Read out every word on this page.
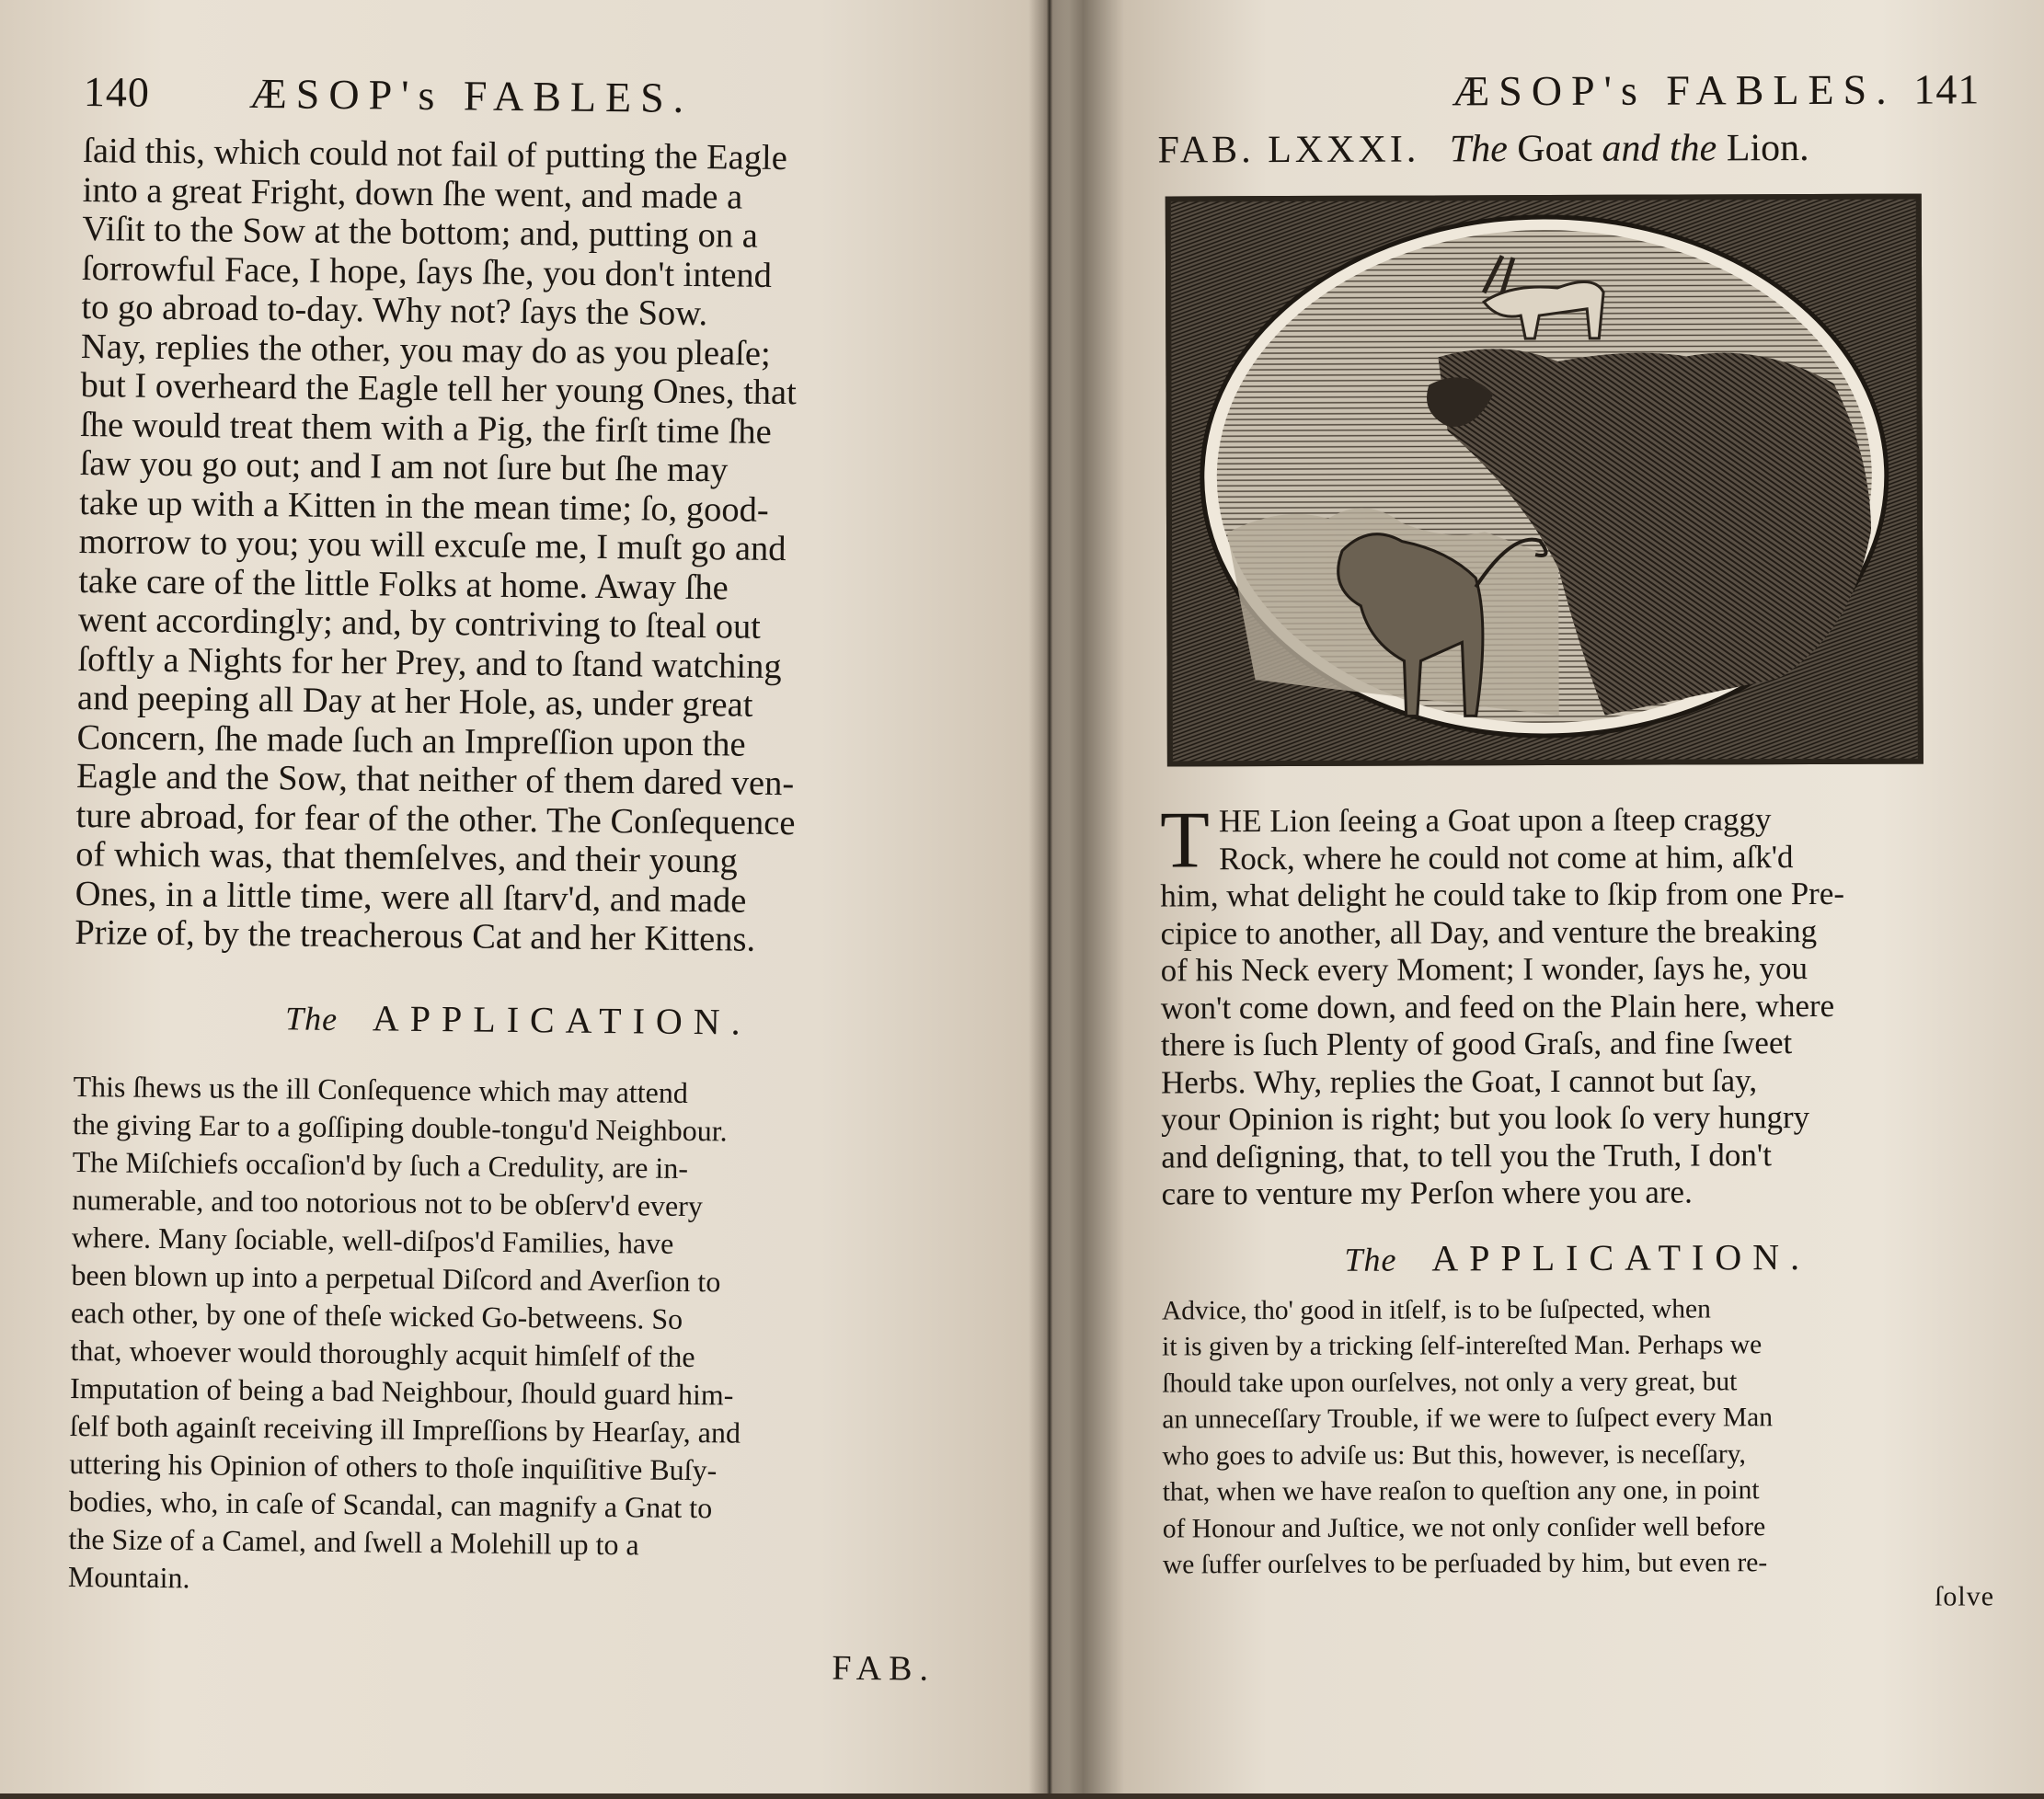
140 ÆSOP's FABLES.

ſaid this, which could not fail of putting the Eagle
into a great Fright, down ſhe went, and made a
Viſit to the Sow at the bottom; and, putting on a
ſorrowful Face, I hope, ſays ſhe, you don't intend
to go abroad to-day. Why not? ſays the Sow.
Nay, replies the other, you may do as you pleaſe;
but I overheard the Eagle tell her young Ones, that
ſhe would treat them with a Pig, the firſt time ſhe
ſaw you go out; and I am not ſure but ſhe may
take up with a Kitten in the mean time; ſo, good-
morrow to you; you will excuſe me, I muſt go and
take care of the little Folks at home. Away ſhe
went accordingly; and, by contriving to ſteal out
ſoftly a Nights for her Prey, and to ſtand watching
and peeping all Day at her Hole, as, under great
Concern, ſhe made ſuch an Impreſſion upon the
Eagle and the Sow, that neither of them dared ven-
ture abroad, for fear of the other. The Conſequence
of which was, that themſelves, and their young
Ones, in a little time, were all ſtarv'd, and made
Prize of, by the treacherous Cat and her Kittens.

The APPLICATION.

This ſhews us the ill Conſequence which may attend
the giving Ear to a goſſiping double-tongu'd Neighbour.
The Miſchiefs occaſion'd by ſuch a Credulity, are in-
numerable, and too notorious not to be obſerv'd every
where. Many ſociable, well-diſpos'd Families, have
been blown up into a perpetual Diſcord and Averſion to
each other, by one of theſe wicked Go-betweens. So
that, whoever would thoroughly acquit himſelf of the
Imputation of being a bad Neighbour, ſhould guard him-
ſelf both againſt receiving ill Impreſſions by Hearſay, and
uttering his Opinion of others to thoſe inquiſitive Buſy-
bodies, who, in caſe of Scandal, can magnify a Gnat to
the Size of a Camel, and ſwell a Molehill up to a
Mountain.

FAB.
ÆSOP's FABLES. 141
FAB. LXXXI. The Goat and the Lion.
T HE Lion ſeeing a Goat upon a ſteep craggy
Rock, where he could not come at him, aſk'd
him, what delight he could take to ſkip from one Pre-
cipice to another, all Day, and venture the breaking
of his Neck every Moment; I wonder, ſays he, you
won't come down, and feed on the Plain here, where
there is ſuch Plenty of good Graſs, and fine ſweet
Herbs. Why, replies the Goat, I cannot but ſay,
your Opinion is right; but you look ſo very hungry
and deſigning, that, to tell you the Truth, I don't
care to venture my Perſon where you are.

The APPLICATION.

Advice, tho' good in itſelf, is to be ſuſpected, when
it is given by a tricking ſelf-intereſted Man. Perhaps we
ſhould take upon ourſelves, not only a very great, but
an unneceſſary Trouble, if we were to ſuſpect every Man
who goes to adviſe us: But this, however, is neceſſary,
that, when we have reaſon to queſtion any one, in point
of Honour and Juſtice, we not only conſider well before
we ſuffer ourſelves to be perſuaded by him, but even re-

ſolve
